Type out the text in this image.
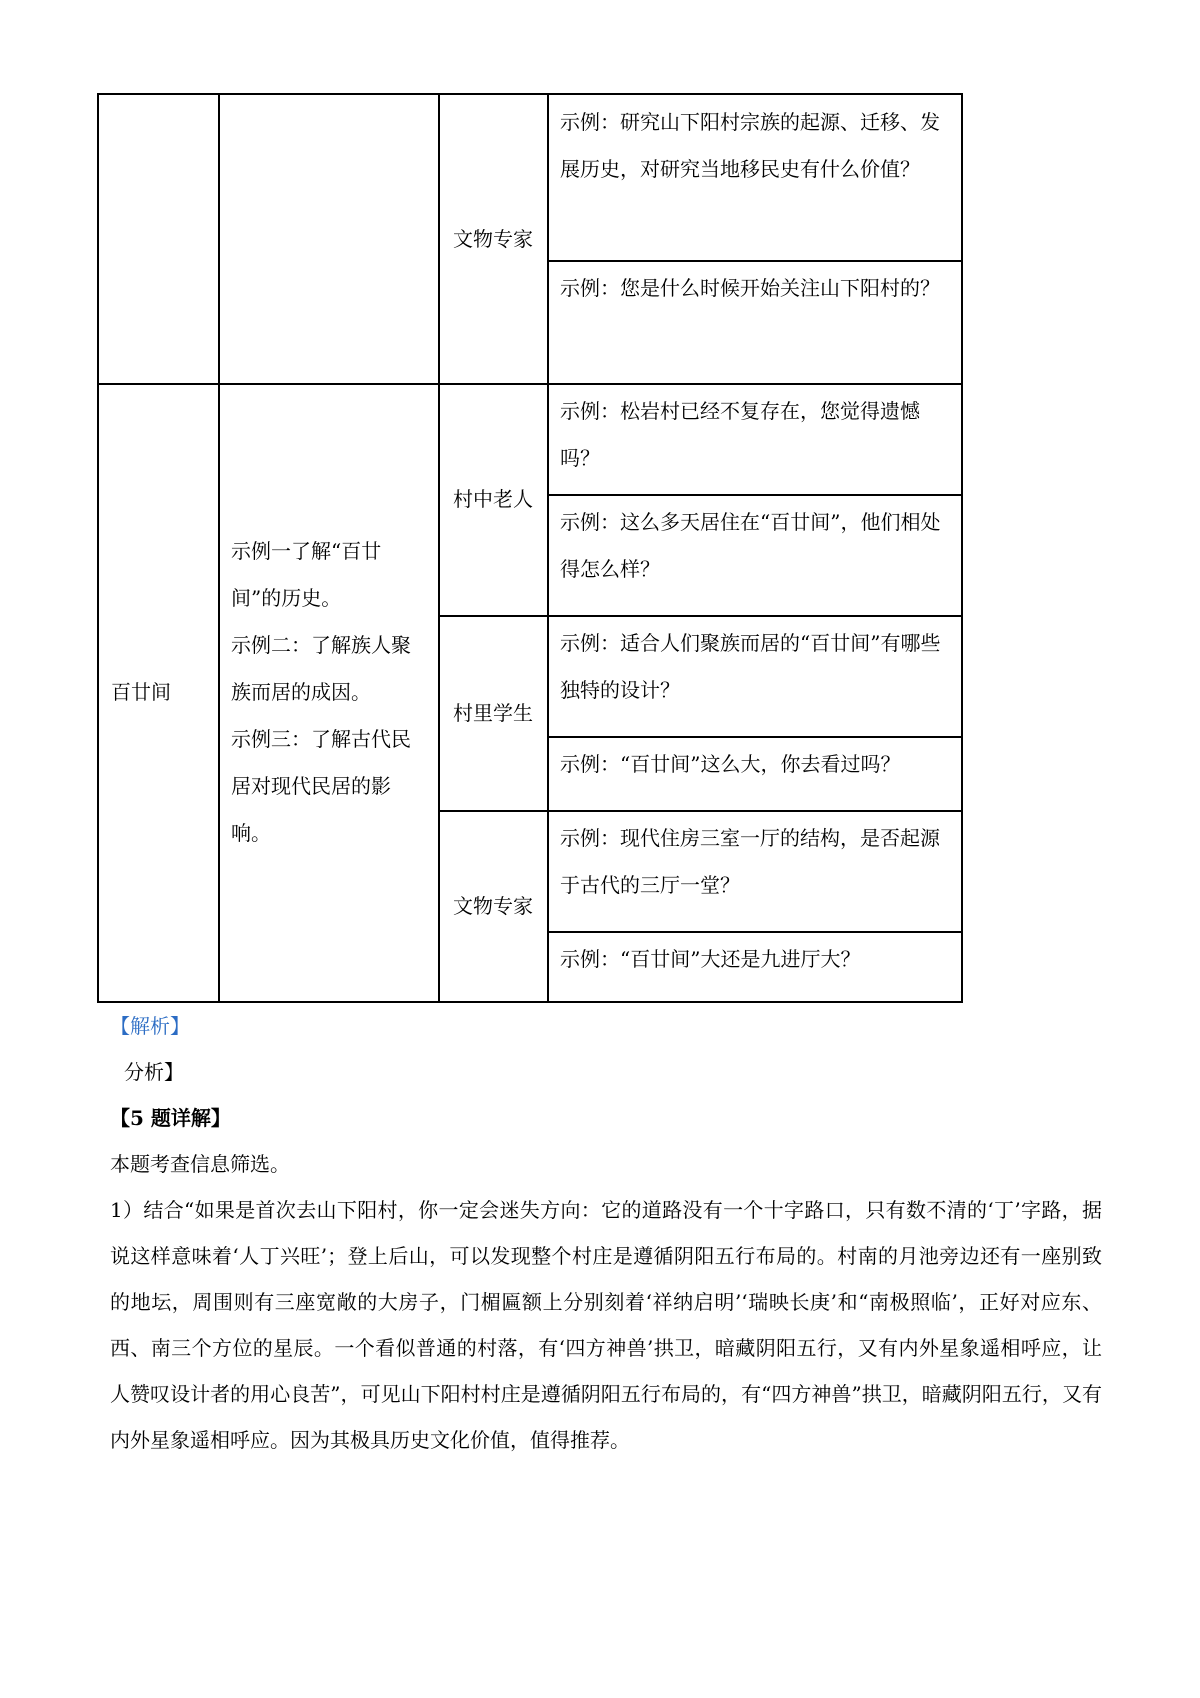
文物专家
示例：研究山下阳村宗族的起源、迁移、发展历史，对研究当地移民史有什么价值？
示例：您是什么时候开始关注山下阳村的？
百廿间

示例一了解“百廿间”的历史。

示例二：了解族人聚族而居的成因。

示例三：了解古代民居对现代民居的影响。

村中老人
示例：松岩村已经不复存在，您觉得遗憾吗？
示例：这么多天居住在“百廿间”，他们相处得怎么样？
村里学生
示例：适合人们聚族而居的“百廿间”有哪些独特的设计？
示例：“百廿间”这么大，你去看过吗？
文物专家
示例：现代住房三室一厅的结构，是否起源于古代的三厅一堂？
示例：“百廿间”大还是九进厅大？
【解析】
分析】
【5 题详解】
本题考查信息筛选。

1）结合“如果是首次去山下阳村，你一定会迷失方向：它的道路没有一个十字路口，只有数不清的‘丁’字路，据说这样意味着‘人丁兴旺’；登上后山，可以发现整个村庄是遵循阴阳五行布局的。村南的月池旁边还有一座别致的地坛，周围则有三座宽敞的大房子，门楣匾额上分别刻着‘祥纳启明’‘瑞映长庚’和“南极照临’，正好对应东、西、南三个方位的星辰。一个看似普通的村落，有‘四方神兽’拱卫，暗藏阴阳五行，又有内外星象遥相呼应，让人赞叹设计者的用心良苦”，可见山下阳村村庄是遵循阴阳五行布局的，有“四方神兽”拱卫，暗藏阴阳五行，又有内外星象遥相呼应。因为其极具历史文化价值，值得推荐。
